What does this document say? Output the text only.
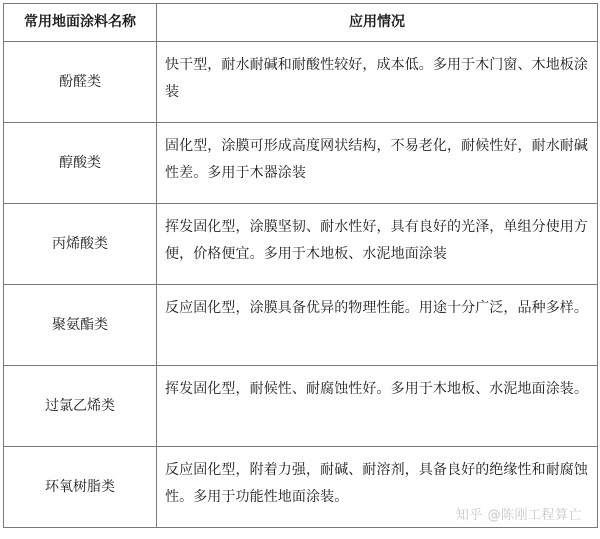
常用地面涂料名称	应用情况
酚醛类	快干型，耐水耐碱和耐酸性较好，成本低。多用于木门窗、木地板涂装
醇酸类	固化型，涂膜可形成高度网状结构，不易老化，耐候性好，耐水耐碱性差。多用于木器涂装
丙烯酸类	挥发固化型，涂膜坚韧、耐水性好，具有良好的光泽，单组分使用方便，价格便宜。多用于木地板、水泥地面涂装
聚氨酯类	反应固化型，涂膜具备优异的物理性能。用途十分广泛，品种多样。
过氯乙烯类	挥发固化型，耐候性、耐腐蚀性好。多用于木地板、水泥地面涂装。
环氧树脂类	反应固化型，附着力强，耐碱、耐溶剂，具备良好的绝缘性和耐腐蚀性。多用于功能性地面涂装。
知乎 @陈刚工程算亡
